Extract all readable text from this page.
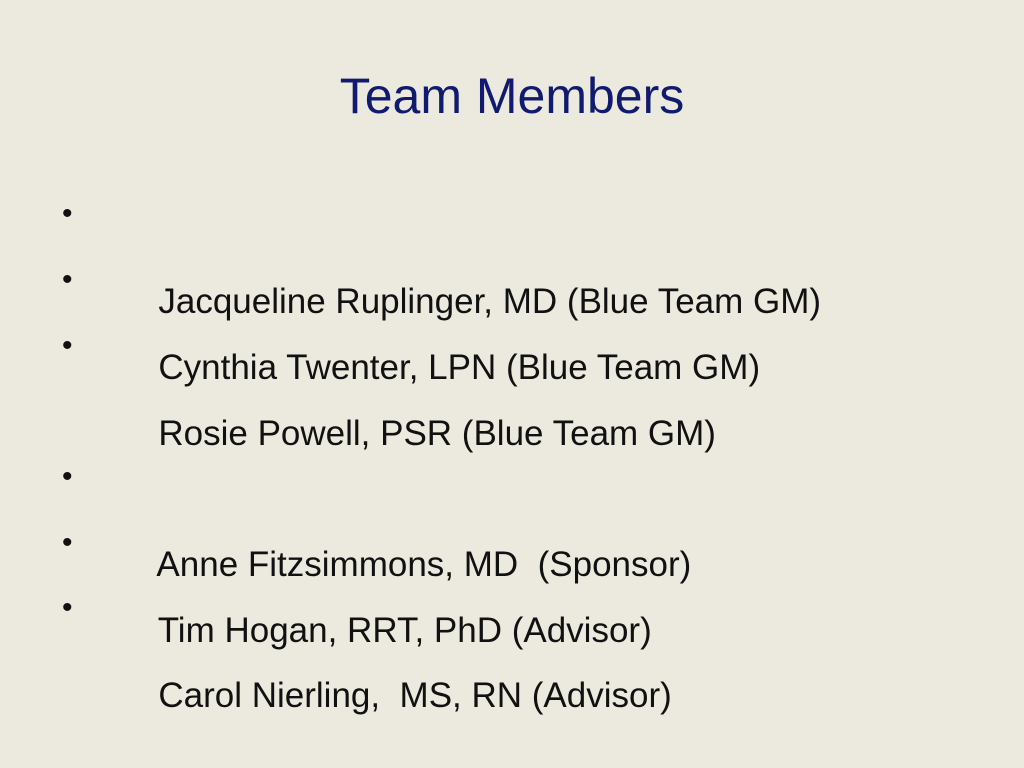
Team Members

•

Jacqueline Ruplinger, MD (Blue Team GM)

•

Cynthia Twenter, LPN (Blue Team GM)

•

Rosie Powell, PSR (Blue Team GM)

•

Anne Fitzsimmons, MD  (Sponsor)

•

Tim Hogan, RRT, PhD (Advisor)

•

Carol Nierling,  MS, RN (Advisor)
